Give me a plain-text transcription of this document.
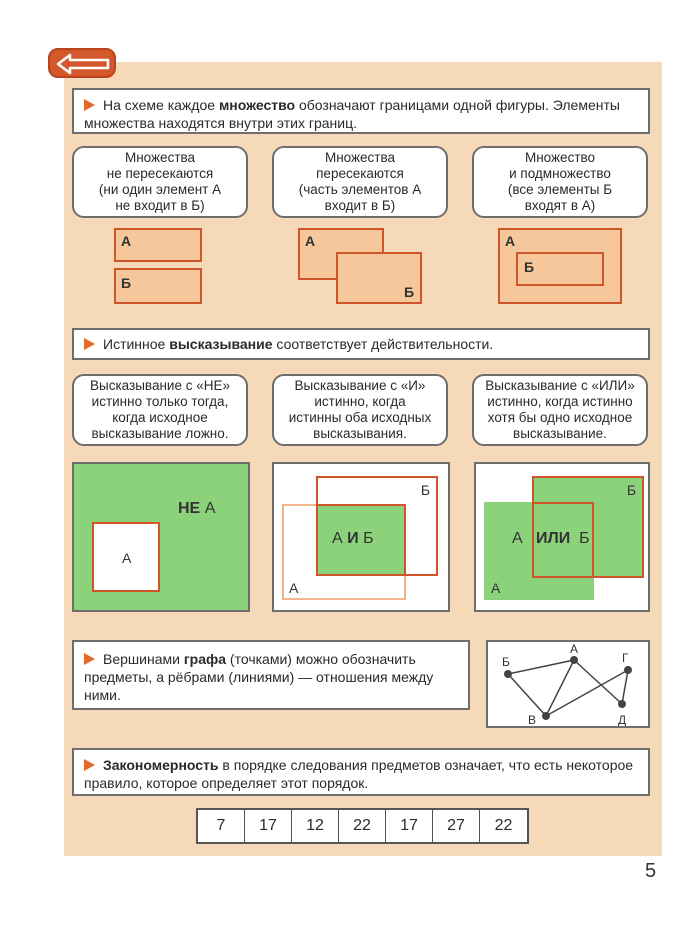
На схеме каждое множество обозначают границами одной фигуры. Элементы множества находятся внутри этих границ.
Множества
не пересекаются
(ни один элемент А
не входит в Б)
Множества
пересекаются
(часть элементов А
входит в Б)
Множество
и подмножество
(все элементы Б
входят в А)
А
Б
А
Б
А
Б
Истинное высказывание соответствует действительности.
Высказывание с «НЕ»
истинно только тогда,
когда исходное
высказывание ложно.
Высказывание с «И»
истинно, когда
истинны оба исходных
высказывания.
Высказывание с «ИЛИ»
истинно, когда истинно
хотя бы одно исходное
высказывание.
НЕ А
А
Б
А
А И Б
Б
А
А ИЛИ Б
Вершинами графа (точками) можно обозначить предметы, а рёбрами (линиями) — отношения между ними.
Б
А
Г
В	Д
Закономерность в порядке следования предметов означает, что есть некоторое правило, которое определяет этот порядок.
7	17	12	22	17	27	22
5
